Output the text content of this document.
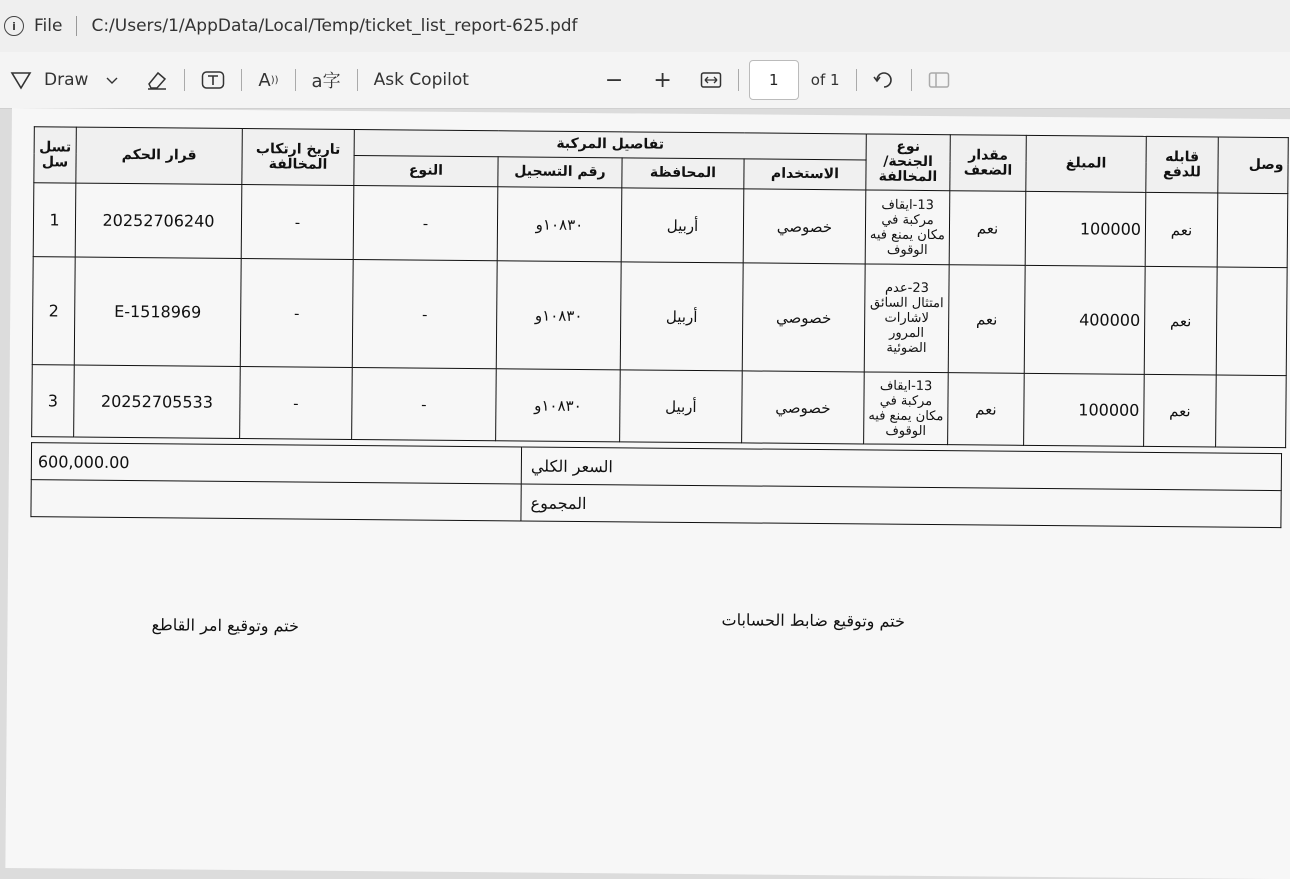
i	File C:/Users/1/AppData/Local/Temp/ticket_list_report-625.pdf
Draw	A )) a字 Ask Copilot	− +	1	of 1
تسل سل	قرار الحكم	تاريخ ارتكاب المخالفة	تفاصيل المركبة				نوع الجنحة/المخالفة	مقدار الضعف	المبلغ	قابله للدفع	وصل
			النوع	رقم التسجيل	المحافظة	الاستخدام					
1	20252706240	-	-	١٠٨٣٠و	أربيل	خصوصي	13-ايقاف مركبة في مكان يمنع فيه الوقوف	نعم	100000	نعم	
2	E-1518969	-	-	١٠٨٣٠و	أربيل	خصوصي	23-عدم امتثال السائق لاشارات المرور الضوئية	نعم	400000	نعم	
3	20252705533	-	-	١٠٨٣٠و	أربيل	خصوصي	13-ايقاف مركبة في مكان يمنع فيه الوقوف	نعم	100000	نعم	
600,000.00	السعر الكلي

	المجموع
ختم وتوقيع امر القاطع	ختم وتوقيع ضابط الحسابات
